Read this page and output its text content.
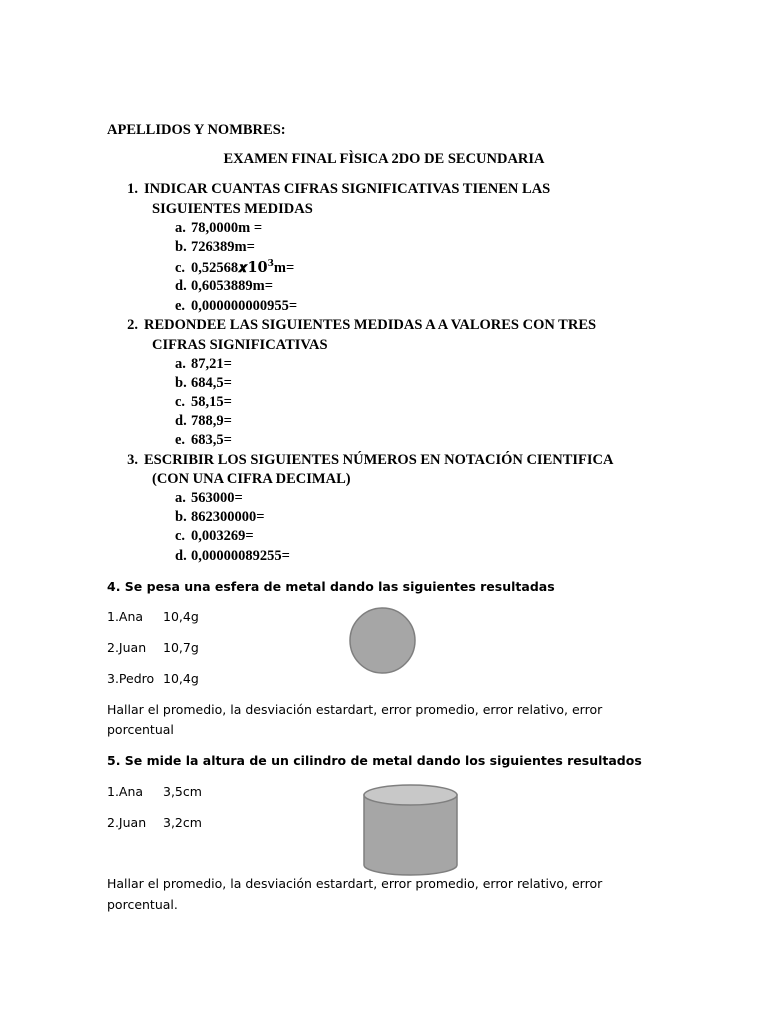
APELLIDOS Y NOMBRES:
EXAMEN FINAL FÌSICA 2DO DE SECUNDARIA
1. INDICAR CUANTAS CIFRAS SIGNIFICATIVAS TIENEN LAS
SIGUIENTES MEDIDAS
a. 78,0000m =
b. 726389m=
c. $0,52568𝒙𝟏𝟎^𝟑m=$
d. 0,6053889m=
e. 0,000000000955=
2. REDONDEE LAS SIGUIENTES MEDIDAS A A VALORES CON TRES
CIFRAS SIGNIFICATIVAS
a. 87,21=
b. 684,5=
c. 58,15=
d. 788,9=
e. 683,5=
3. ESCRIBIR LOS SIGUIENTES NÚMEROS EN NOTACIÓN CIENTIFICA
(CON UNA CIFRA DECIMAL)
a. 563000=
b. 862300000=
c. 0,003269=
d. 0,00000089255=
4. Se pesa una esfera de metal dando las siguientes resultadas
1.Ana 10,4g
2.Juan 10,7g
3.Pedro 10,4g
Hallar el promedio, la desviación estardart, error promedio, error relativo, error
porcentual
5. Se mide la altura de un cilindro de metal dando los siguientes resultados
1.Ana 3,5cm
2.Juan 3,2cm
Hallar el promedio, la desviación estardart, error promedio, error relativo, error
porcentual.
